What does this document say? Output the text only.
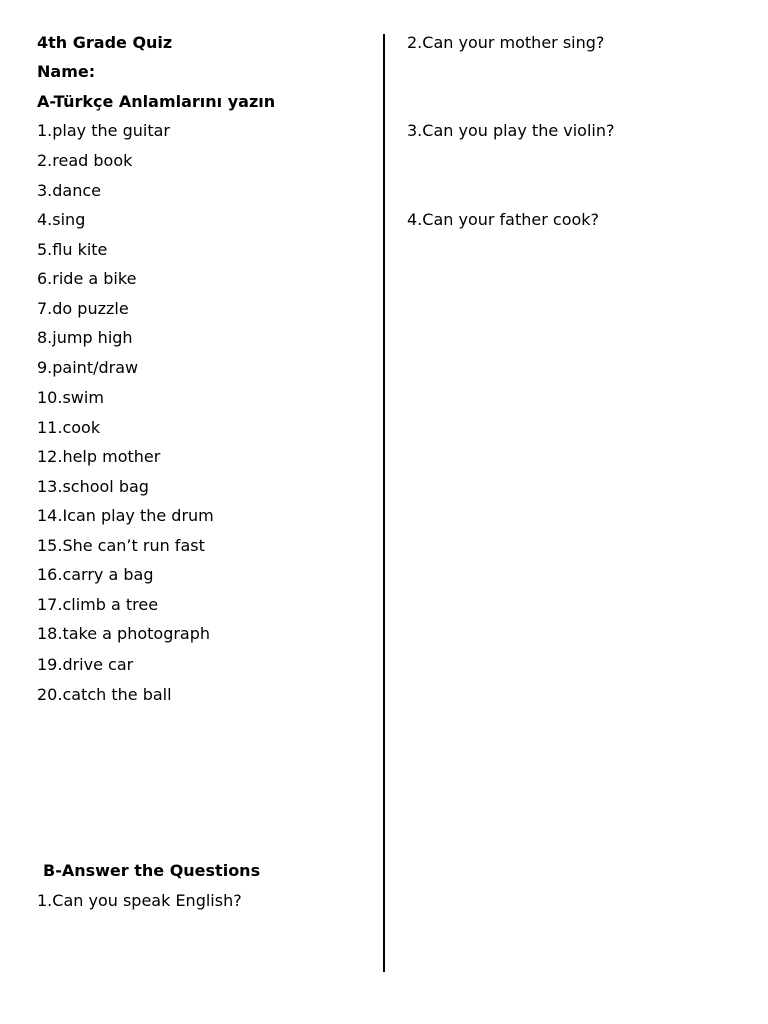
4th Grade Quiz
Name:
A-Türkçe Anlamlarını yazın
1.play the guitar
2.read book
3.dance
4.sing
5.flu kite
6.ride a bike
7.do puzzle
8.jump high
9.paint/draw
10.swim
11.cook
12.help mother
13.school bag
14.Ican play the drum
15.She can’t run fast
16.carry a bag
17.climb a tree
18.take a photograph
19.drive car
20.catch the ball
B-Answer the Questions
1.Can you speak English?
2.Can your mother sing?
3.Can you play the violin?
4.Can your father cook?
